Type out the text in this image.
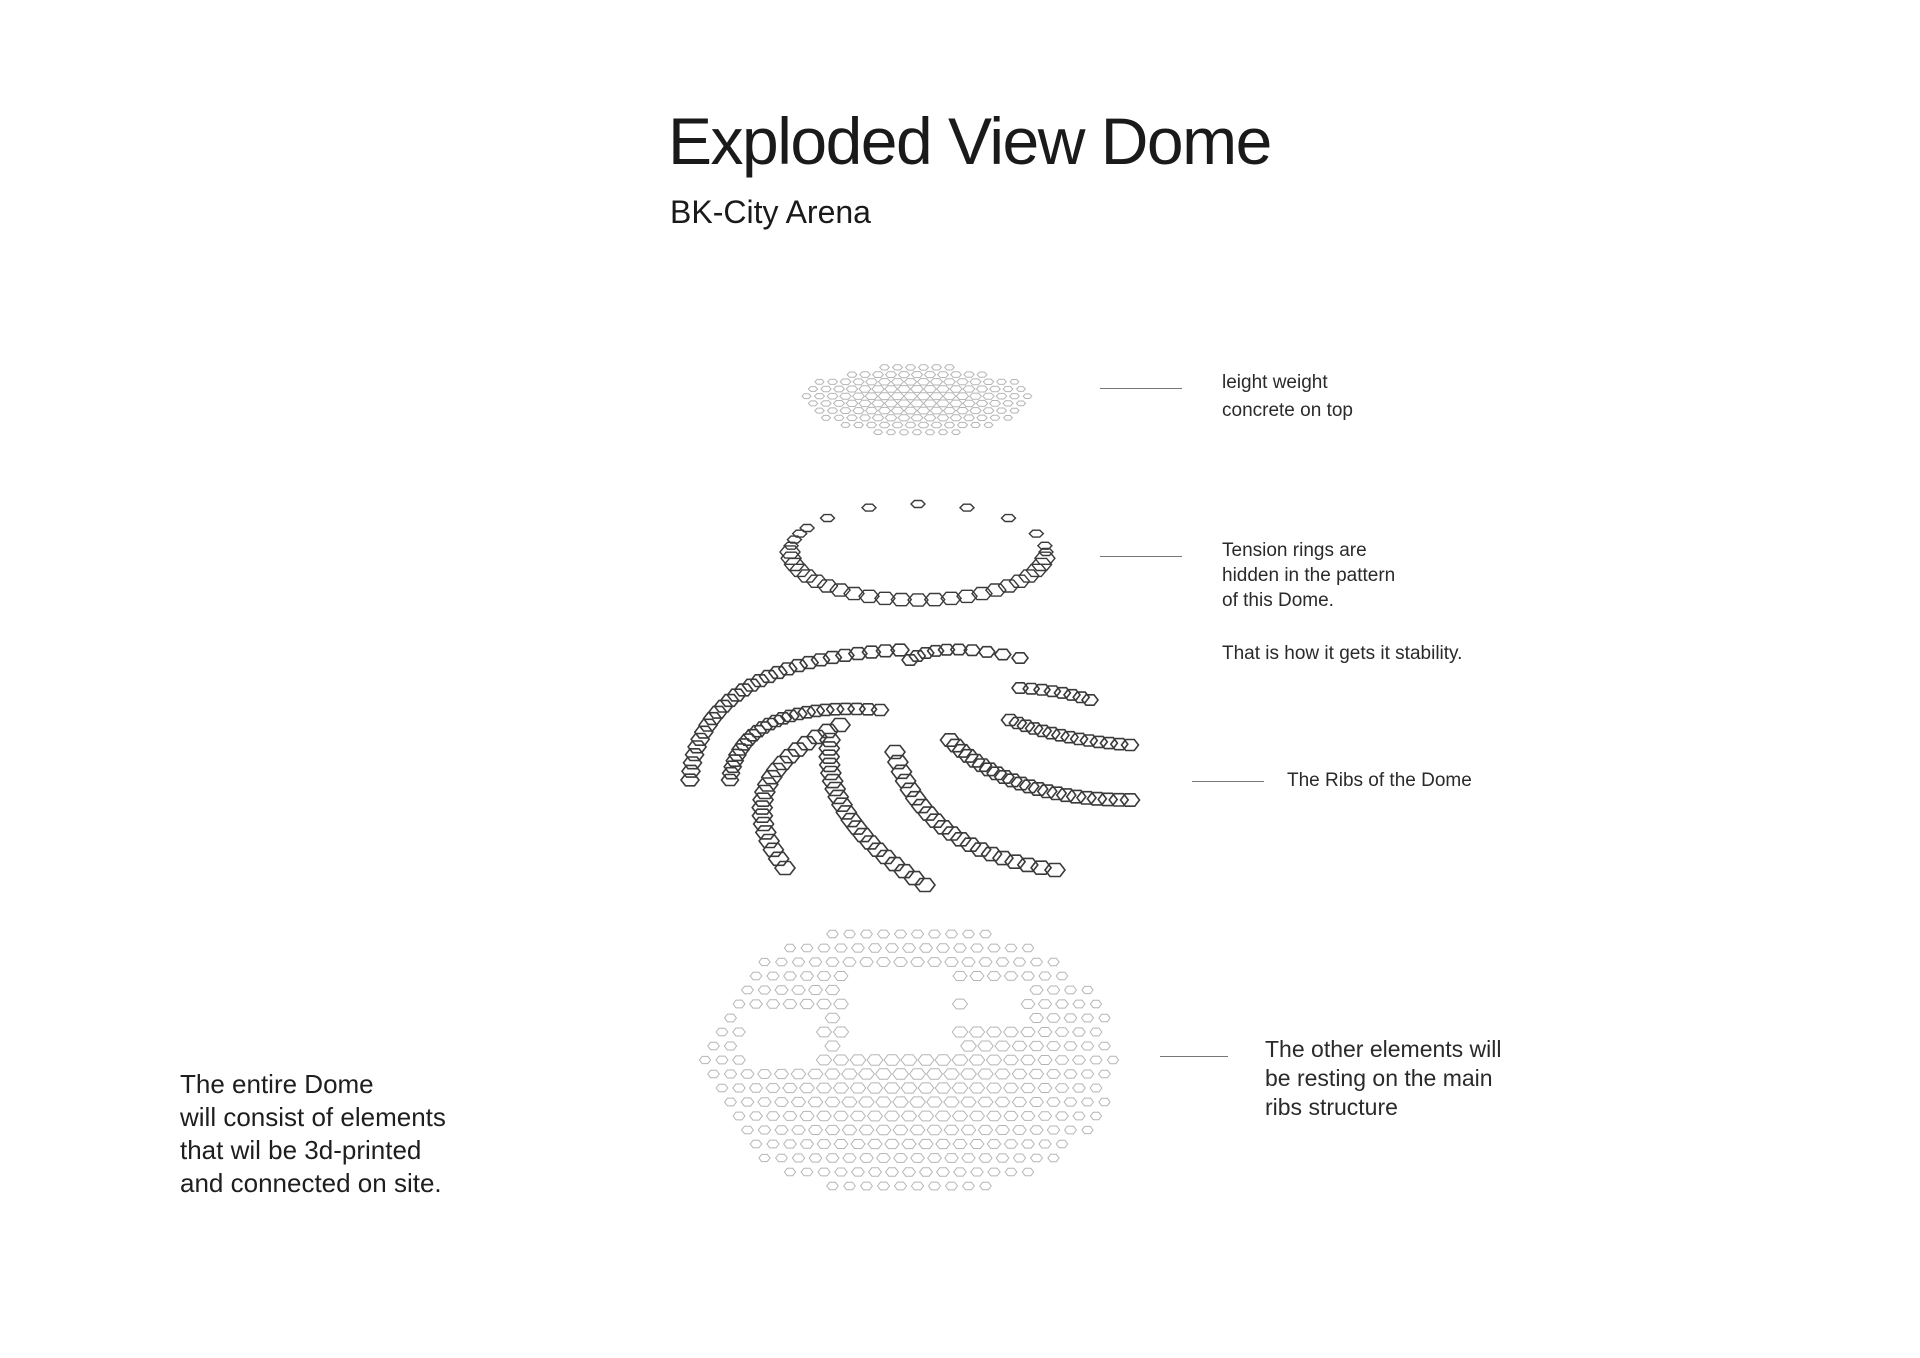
Exploded View Dome
BK-City Arena
leight weight
concrete on top
Tension rings are
hidden in the pattern
of this Dome.
That is how it gets it stability.
The Ribs of the Dome
The other elements will
be resting on the main
ribs structure
The entire Dome
will consist of elements
that wil be 3d-printed
and connected on site.
